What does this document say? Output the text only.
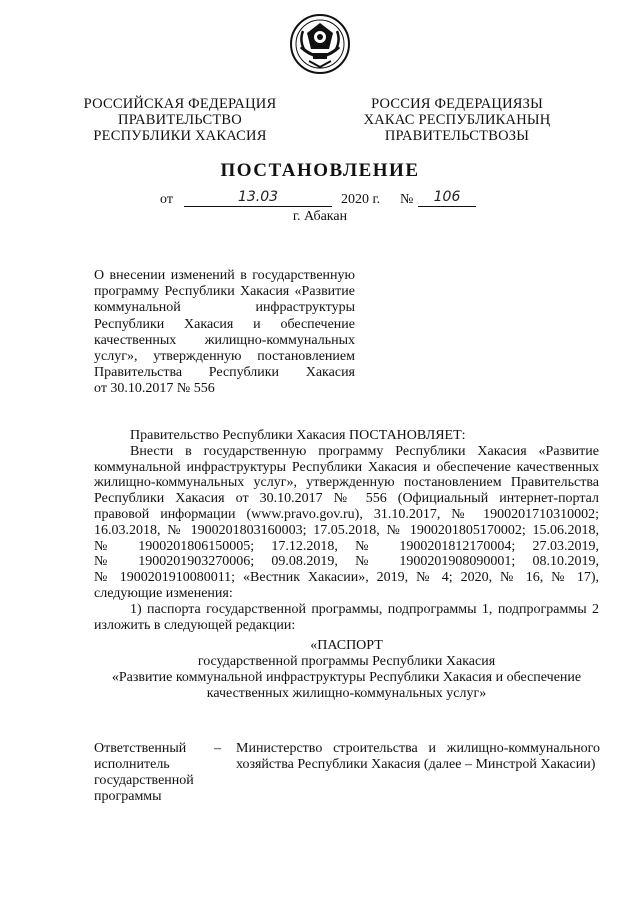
РОССИЙСКАЯ ФЕДЕРАЦИЯ
ПРАВИТЕЛЬСТВО
РЕСПУБЛИКИ ХАКАСИЯ
РОССИЯ ФЕДЕРАЦИЯЗЫ
ХАКАС РЕСПУБЛИКАНЫҢ
ПРАВИТЕЛЬСТВОЗЫ
ПОСТАНОВЛЕНИЕ
от	13.03	2020 г. №	106
г. Абакан
О внесении изменений в государственную
программу Республики Хакасия «Развитие
коммунальной инфраструктуры
Республики Хакасия и обеспечение
качественных жилищно-коммунальных
услуг», утвержденную постановлением
Правительства Республики Хакасия
от 30.10.2017 № 556
Правительство Республики Хакасия ПОСТАНОВЛЯЕТ:
Внести в государственную программу Республики Хакасия «Развитие
коммунальной инфраструктуры Республики Хакасия и обеспечение качественных
жилищно-коммунальных услуг», утвержденную постановлением Правительства
Республики Хакасия от 30.10.2017 № 556 (Официальный интернет-портал
правовой информации (www.pravo.gov.ru), 31.10.2017, № 1900201710310002;
16.03.2018, № 1900201803160003; 17.05.2018, № 1900201805170002; 15.06.2018,
№ 1900201806150005; 17.12.2018, № 1900201812170004; 27.03.2019,
№ 1900201903270006; 09.08.2019, № 1900201908090001; 08.10.2019,
№ 1900201910080011; «Вестник Хакасии», 2019, № 4; 2020, № 16, № 17),
следующие изменения:
1) паспорта государственной программы, подпрограммы 1, подпрограммы 2
изложить в следующей редакции:
«ПАСПОРТ
государственной программы Республики Хакасия
«Развитие коммунальной инфраструктуры Республики Хакасия и обеспечение
качественных жилищно-коммунальных услуг»
Ответственный
исполнитель
государственной
программы
–	Министерство строительства и жилищно-коммунального
хозяйства Республики Хакасия (далее – Минстрой Хакасии)
